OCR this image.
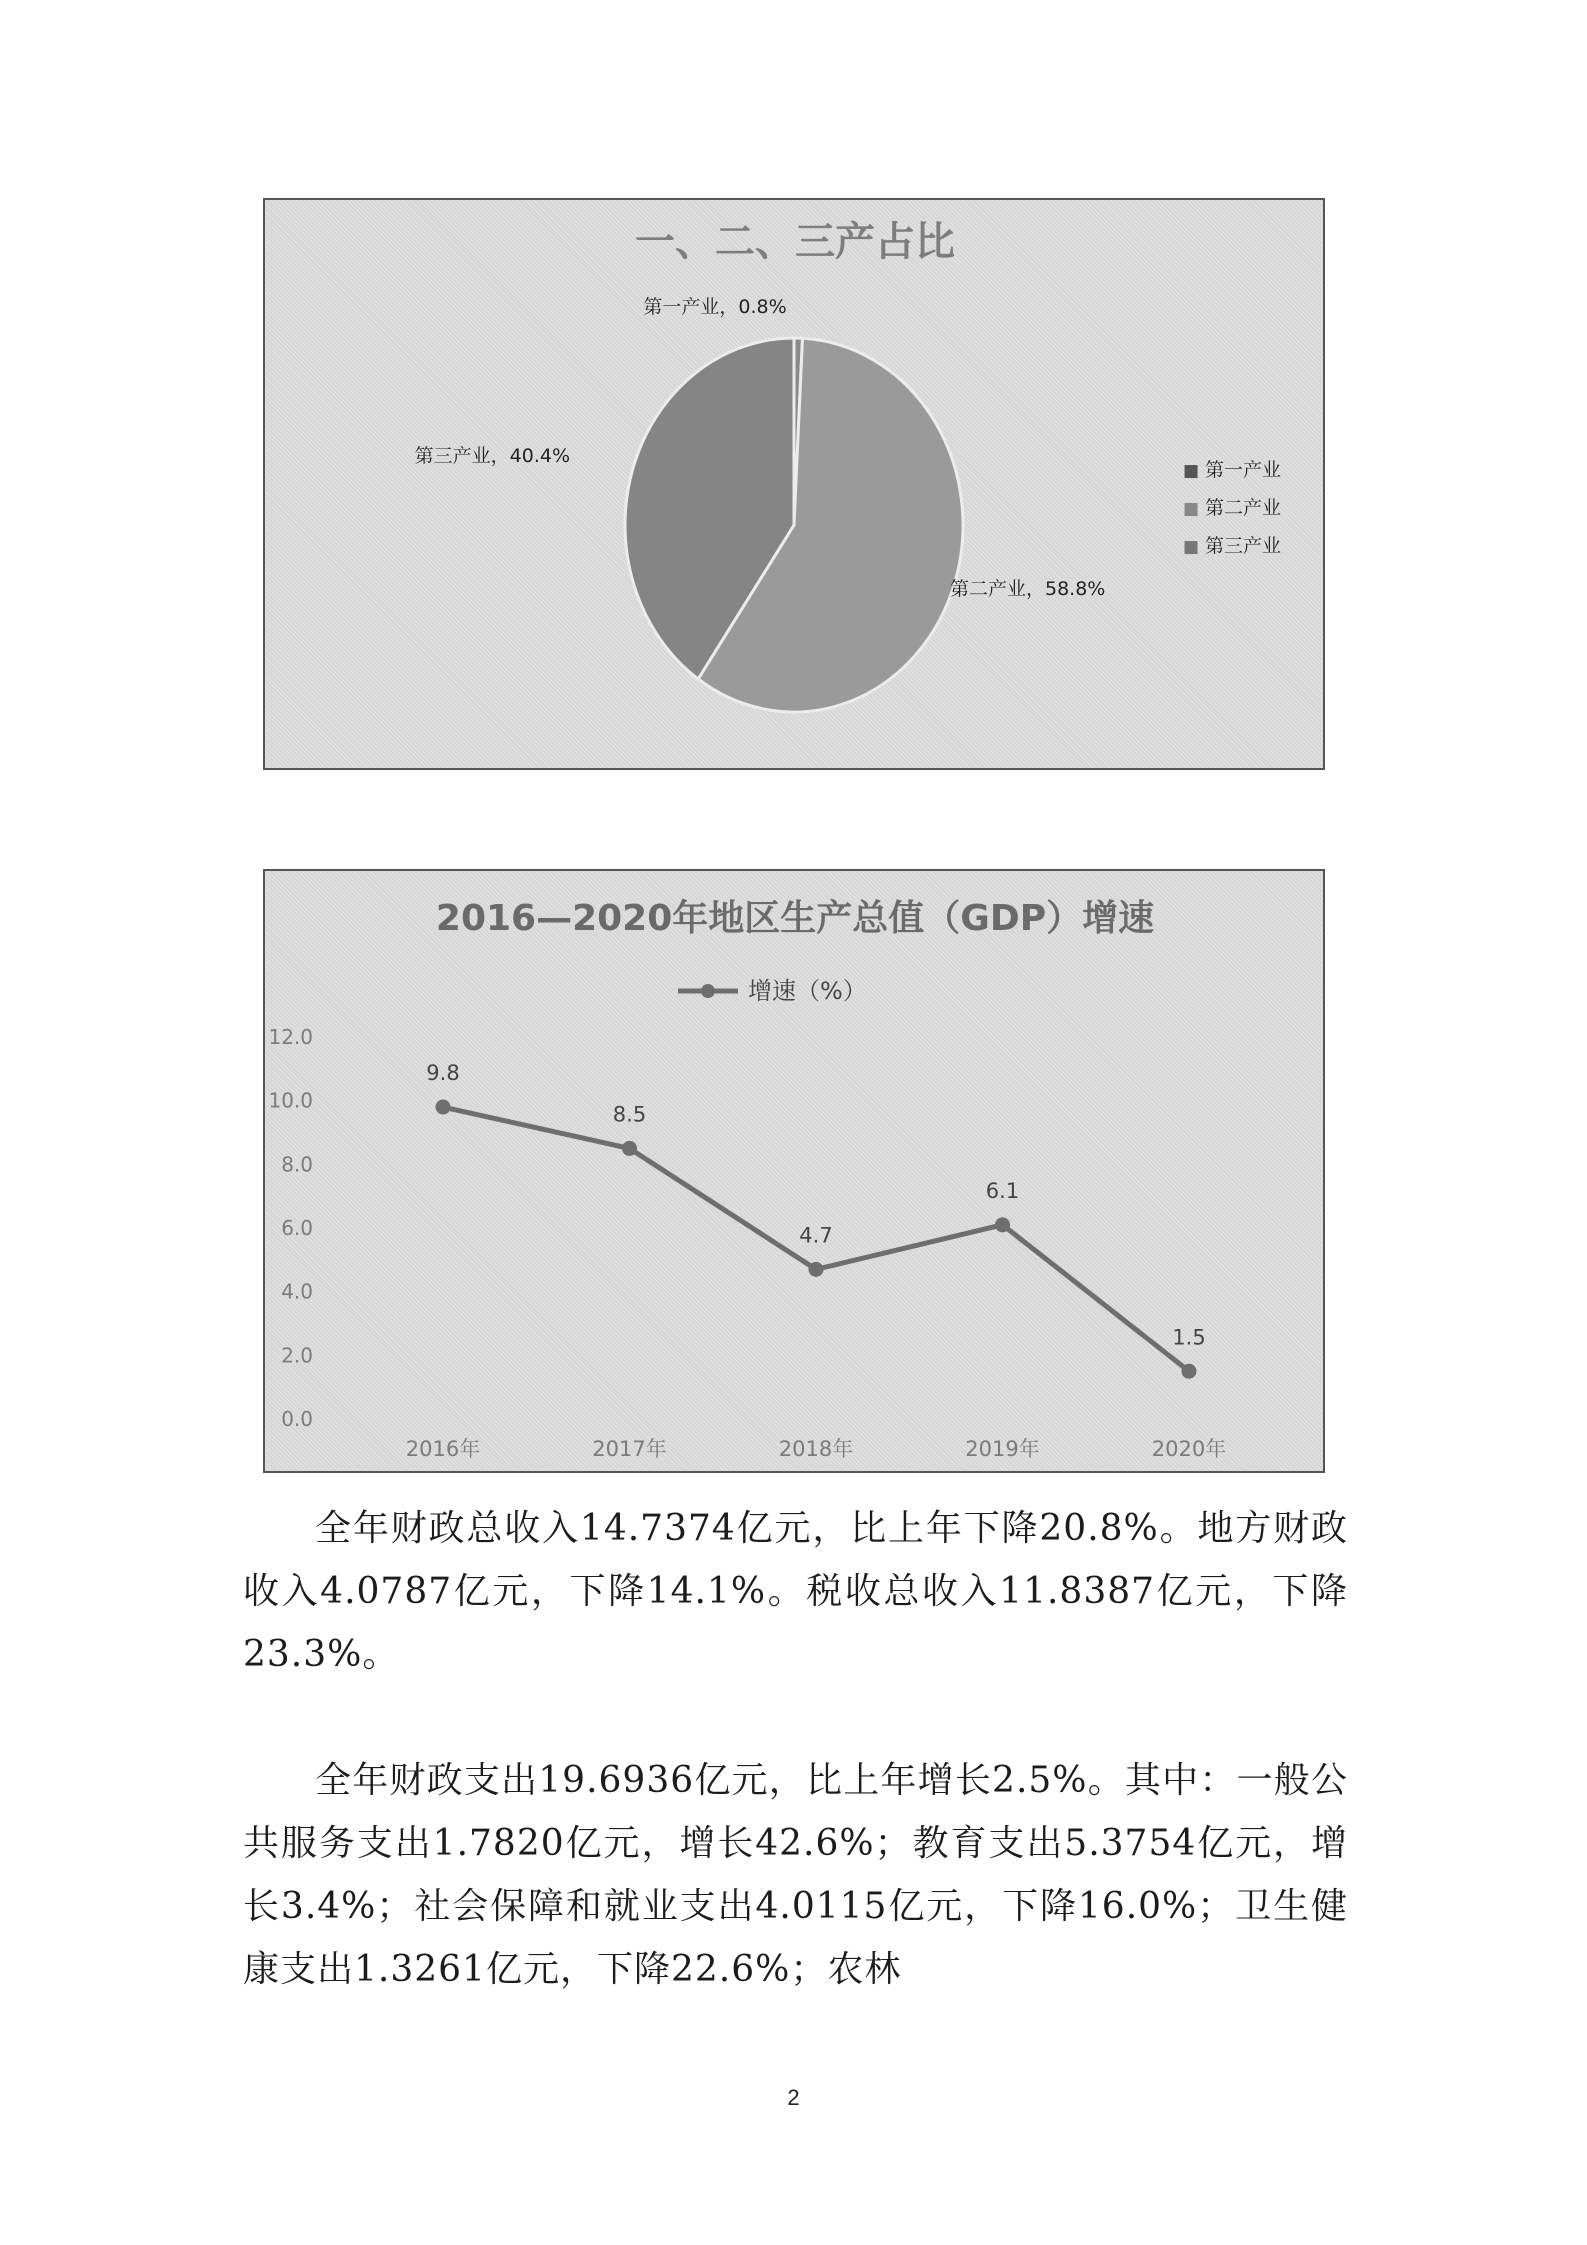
一、二、三产占比
第一产业，0.8%
第二产业，58.8%
第三产业，40.4%
■ 第一产业
■ 第二产业
■ 第三产业
2016—2020年地区生产总值（GDP）增速
增速（%）
0.0
2.0
4.0
6.0
8.0
10.0
12.0
2016年	2017年	2018年	2019年	2020年
9.8
8.5
4.7
6.1
1.5

全年财政总收入14.7374亿元，比上年下降20.8%。地方财政收入4.0787亿元，下降14.1%。税收总收入11.8387亿元，下降23.3%。

全年财政支出19.6936亿元，比上年增长2.5%。其中：一般公共服务支出1.7820亿元，增长42.6%；教育支出5.3754亿元，增长3.4%；社会保障和就业支出4.0115亿元，下降16.0%；卫生健康支出1.3261亿元，下降22.6%；农林

2
